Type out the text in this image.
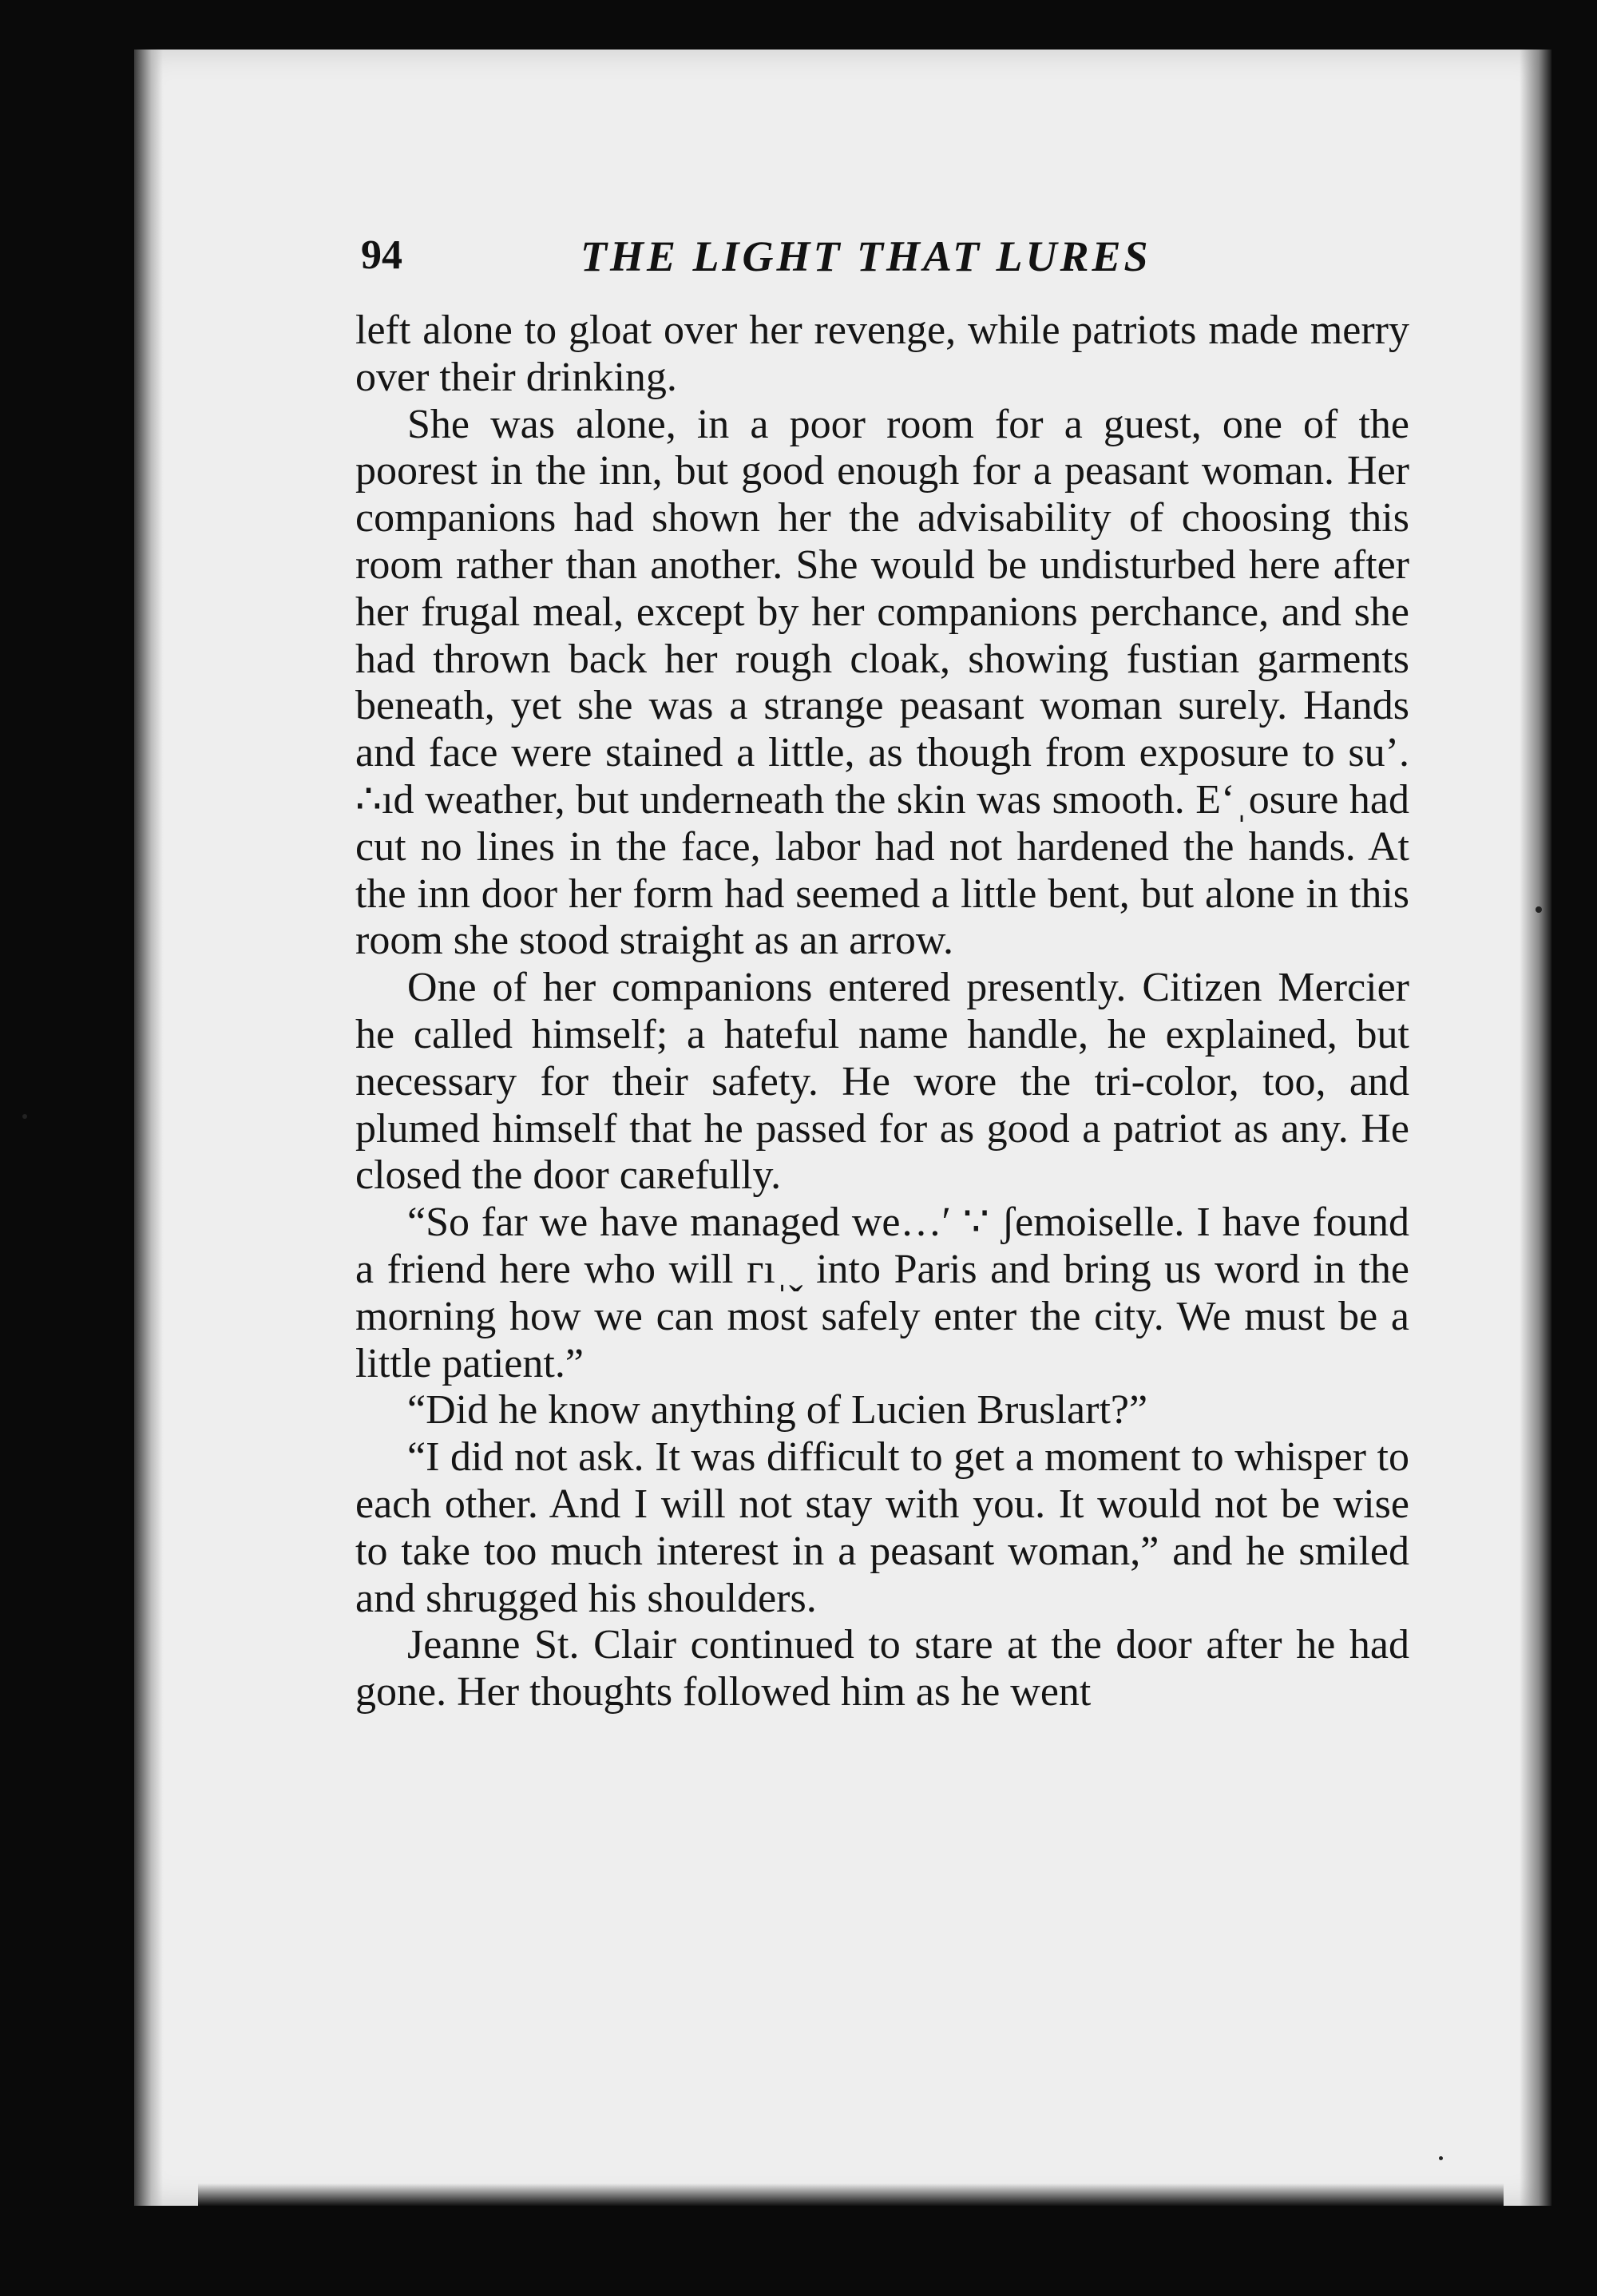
94	THE LIGHT THAT LURES

left alone to gloat over her revenge, while patriots made merry over their drinking.

She was alone, in a poor room for a guest, one of the poorest in the inn, but good enough for a peasant woman. Her companions had shown her the advisability of choosing this room rather than another. She would be undisturbed here after her frugal meal, except by her companions perchance, and she had thrown back her rough cloak, showing fustian garments beneath, yet she was a strange peasant woman surely. Hands and face were stained a little, as though from exposure to su’. ∴ıd weather, but underneath the skin was smooth. E‘ˌosure had cut no lines in the face, labor had not hardened the hands. At the inn door her form had seemed a little bent, but alone in this room she stood straight as an arrow.

One of her companions entered presently. Citizen Mercier he called himself; a hateful name handle, he explained, but necessary for their safety. He wore the tri-color, too, and plumed himself that he passed for as good a patriot as any. He closed the door caʀefully.

“So far we have managed we…ʹ ∵ ʃemoiselle. I have found a friend here who will гıˌˬ into Paris and bring us word in the morning how we can most safely enter the city. We must be a little patient.”

“Did he know anything of Lucien Bruslart?”

“I did not ask. It was difficult to get a moment to whisper to each other. And I will not stay with you. It would not be wise to take too much interest in a peasant woman,” and he smiled and shrugged his shoulders.

Jeanne St. Clair continued to stare at the door after he had gone. Her thoughts followed him as he went
